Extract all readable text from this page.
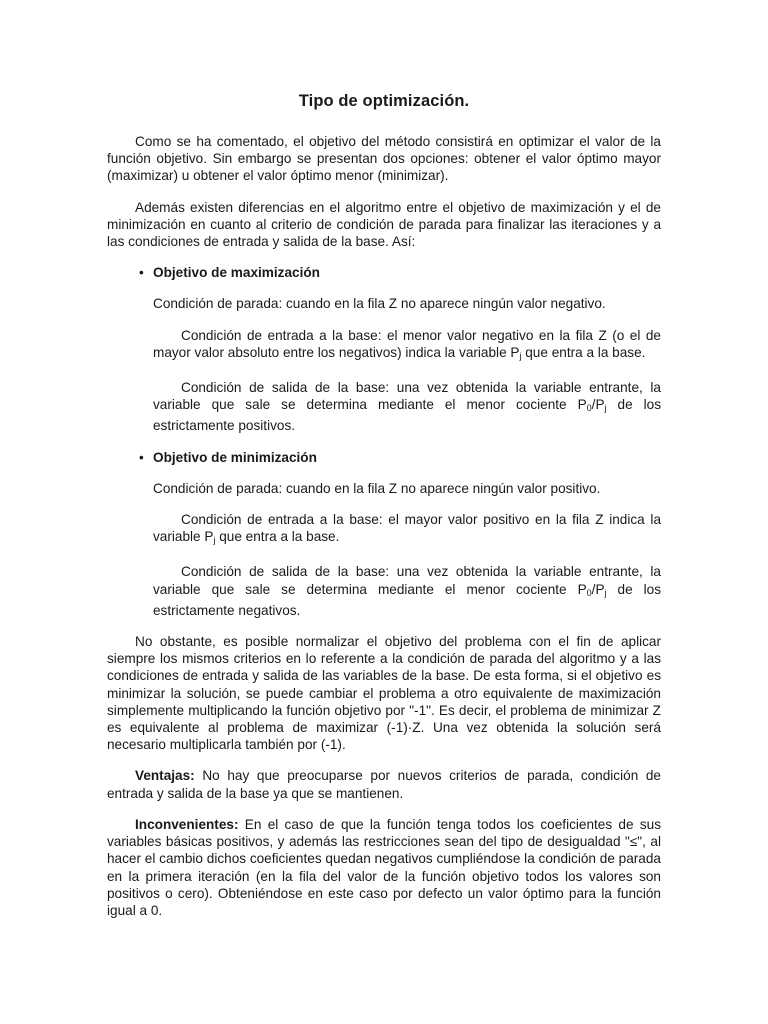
Tipo de optimización.

Como se ha comentado, el objetivo del método consistirá en optimizar el valor de la función objetivo. Sin embargo se presentan dos opciones: obtener el valor óptimo mayor (maximizar) u obtener el valor óptimo menor (minimizar).

Además existen diferencias en el algoritmo entre el objetivo de maximización y el de minimización en cuanto al criterio de condición de parada para finalizar las iteraciones y a las condiciones de entrada y salida de la base. Así:

• Objetivo de maximización

Condición de parada: cuando en la fila Z no aparece ningún valor negativo.

Condición de entrada a la base: el menor valor negativo en la fila Z (o el de mayor valor absoluto entre los negativos) indica la variable $P_j$ que entra a la base.

Condición de salida de la base: una vez obtenida la variable entrante, la variable que sale se determina mediante el menor cociente $P_0/P_j$ de los estrictamente positivos.

• Objetivo de minimización

Condición de parada: cuando en la fila Z no aparece ningún valor positivo.

Condición de entrada a la base: el mayor valor positivo en la fila Z indica la variable $P_j$ que entra a la base.

Condición de salida de la base: una vez obtenida la variable entrante, la variable que sale se determina mediante el menor cociente $P_0/P_j$ de los estrictamente negativos.

No obstante, es posible normalizar el objetivo del problema con el fin de aplicar siempre los mismos criterios en lo referente a la condición de parada del algoritmo y a las condiciones de entrada y salida de las variables de la base. De esta forma, si el objetivo es minimizar la solución, se puede cambiar el problema a otro equivalente de maximización simplemente multiplicando la función objetivo por "-1". Es decir, el problema de minimizar Z es equivalente al problema de maximizar (-1)·Z. Una vez obtenida la solución será necesario multiplicarla también por (-1).

Ventajas: No hay que preocuparse por nuevos criterios de parada, condición de entrada y salida de la base ya que se mantienen.

Inconvenientes: En el caso de que la función tenga todos los coeficientes de sus variables básicas positivos, y además las restricciones sean del tipo de desigualdad "≤", al hacer el cambio dichos coeficientes quedan negativos cumpliéndose la condición de parada en la primera iteración (en la fila del valor de la función objetivo todos los valores son positivos o cero). Obteniéndose en este caso por defecto un valor óptimo para la función igual a 0.
